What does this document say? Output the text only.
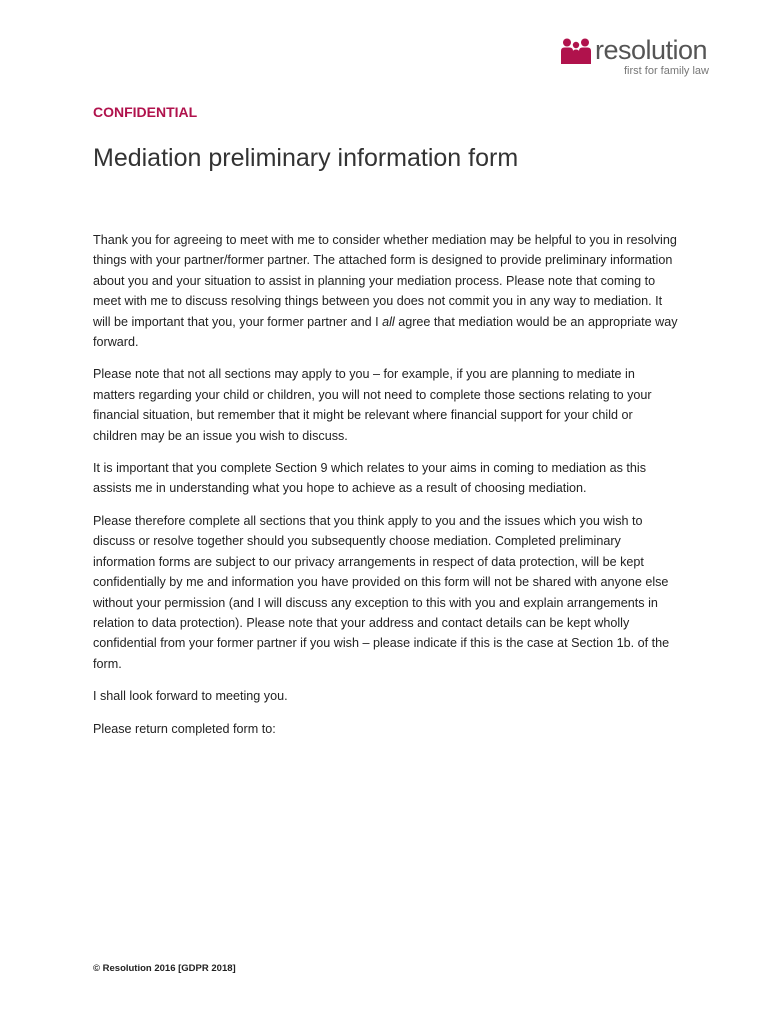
resolution
first for family law

CONFIDENTIAL

Mediation preliminary information form

Thank you for agreeing to meet with me to consider whether mediation may be helpful to you in resolving things with your partner/former partner. The attached form is designed to provide preliminary information about you and your situation to assist in planning your mediation process. Please note that coming to meet with me to discuss resolving things between you does not commit you in any way to mediation. It will be important that you, your former partner and I all agree that mediation would be an appropriate way forward.

Please note that not all sections may apply to you – for example, if you are planning to mediate in matters regarding your child or children, you will not need to complete those sections relating to your financial situation, but remember that it might be relevant where financial support for your child or children may be an issue you wish to discuss.

It is important that you complete Section 9 which relates to your aims in coming to mediation as this assists me in understanding what you hope to achieve as a result of choosing mediation.

Please therefore complete all sections that you think apply to you and the issues which you wish to discuss or resolve together should you subsequently choose mediation. Completed preliminary information forms are subject to our privacy arrangements in respect of data protection, will be kept confidentially by me and information you have provided on this form will not be shared with anyone else without your permission (and I will discuss any exception to this with you and explain arrangements in relation to data protection). Please note that your address and contact details can be kept wholly confidential from your former partner if you wish – please indicate if this is the case at Section 1b. of the form.

I shall look forward to meeting you.

Please return completed form to:

© Resolution 2016 [GDPR 2018]
